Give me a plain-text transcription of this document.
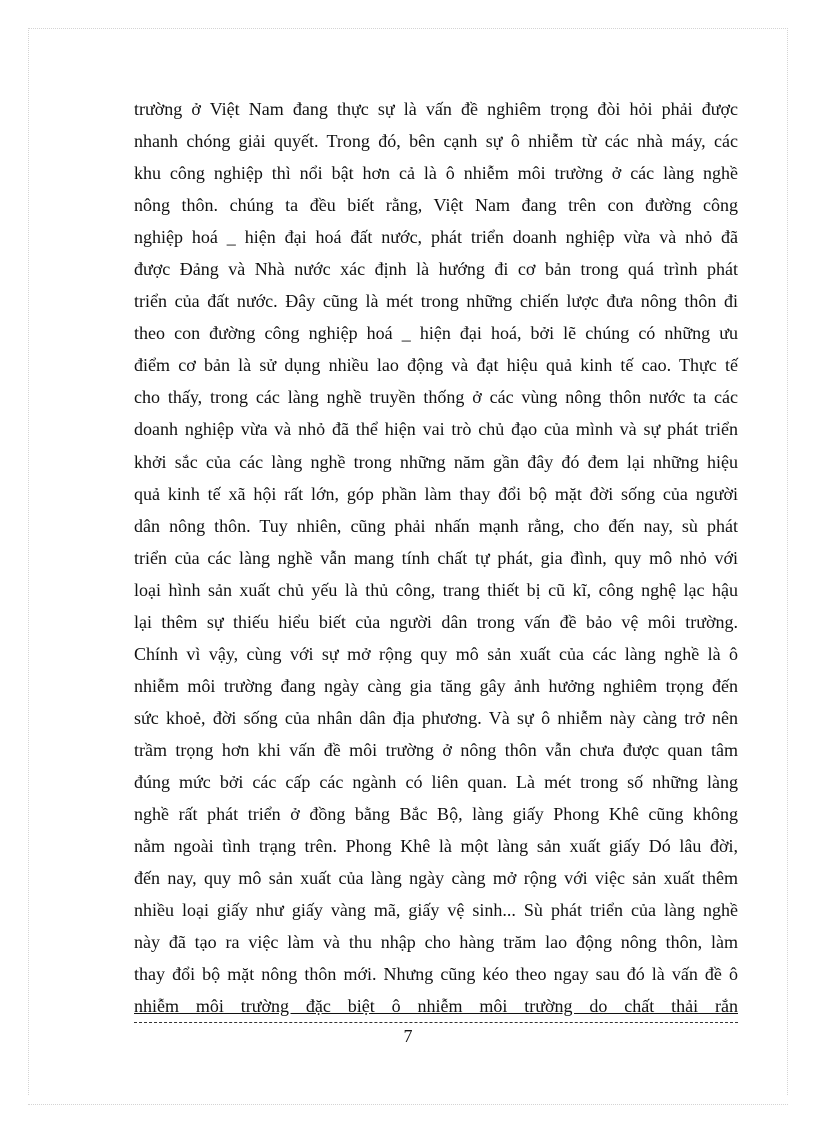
trường ở Việt Nam đang thực sự là vấn đề nghiêm trọng đòi hỏi phải được
nhanh chóng giải quyết. Trong đó, bên cạnh sự ô nhiễm từ các nhà máy, các
khu công nghiệp thì nổi bật hơn cả là ô nhiễm môi trường ở các làng nghề
nông thôn. chúng ta đều biết rằng, Việt Nam đang trên con đường công
nghiệp hoá _ hiện đại hoá đất nước, phát triển doanh nghiệp vừa và nhỏ đã
được Đảng và Nhà nước xác định là hướng đi cơ bản trong quá trình phát
triển của đất nước. Đây cũng là mét trong những chiến lược đưa nông thôn đi
theo con đường công nghiệp hoá _ hiện đại hoá, bởi lẽ chúng có những ưu
điểm cơ bản là sử dụng nhiều lao động và đạt hiệu quả kinh tế cao. Thực tế
cho thấy, trong các làng nghề truyền thống ở các vùng nông thôn nước ta các
doanh nghiệp vừa và nhỏ đã thể hiện vai trò chủ đạo của mình và sự phát triển
khởi sắc của các làng nghề trong những năm gần đây đó đem lại những hiệu
quả kinh tế xã hội rất lớn, góp phần làm thay đổi bộ mặt đời sống của người
dân nông thôn. Tuy nhiên, cũng phải nhấn mạnh rằng, cho đến nay, sù phát
triển của các làng nghề vẫn mang tính chất tự phát, gia đình, quy mô nhỏ với
loại hình sản xuất chủ yếu là thủ công, trang thiết bị cũ kĩ, công nghệ lạc hậu
lại thêm sự thiếu hiểu biết của người dân trong vấn đề bảo vệ môi trường.
Chính vì vậy, cùng với sự mở rộng quy mô sản xuất của các làng nghề là ô
nhiễm môi trường đang ngày càng gia tăng gây ảnh hưởng nghiêm trọng đến
sức khoẻ, đời sống của nhân dân địa phương. Và sự ô nhiễm này càng trở nên
trầm trọng hơn khi vấn đề môi trường ở nông thôn vẫn chưa được quan tâm
đúng mức bởi các cấp các ngành có liên quan. Là mét trong số những làng
nghề rất phát triển ở đồng bằng Bắc Bộ, làng giấy Phong Khê cũng không
nằm ngoài tình trạng trên. Phong Khê là một làng sản xuất giấy Dó lâu đời,
đến nay, quy mô sản xuất của làng ngày càng mở rộng với việc sản xuất thêm
nhiều loại giấy như giấy vàng mã, giấy vệ sinh... Sù phát triển của làng nghề
này đã tạo ra việc làm và thu nhập cho hàng trăm lao động nông thôn, làm
thay đổi bộ mặt nông thôn mới. Nhưng cũng kéo theo ngay sau đó là vấn đề ô
nhiễm môi trường đặc biệt ô nhiễm môi trường do chất thải rắn
7
